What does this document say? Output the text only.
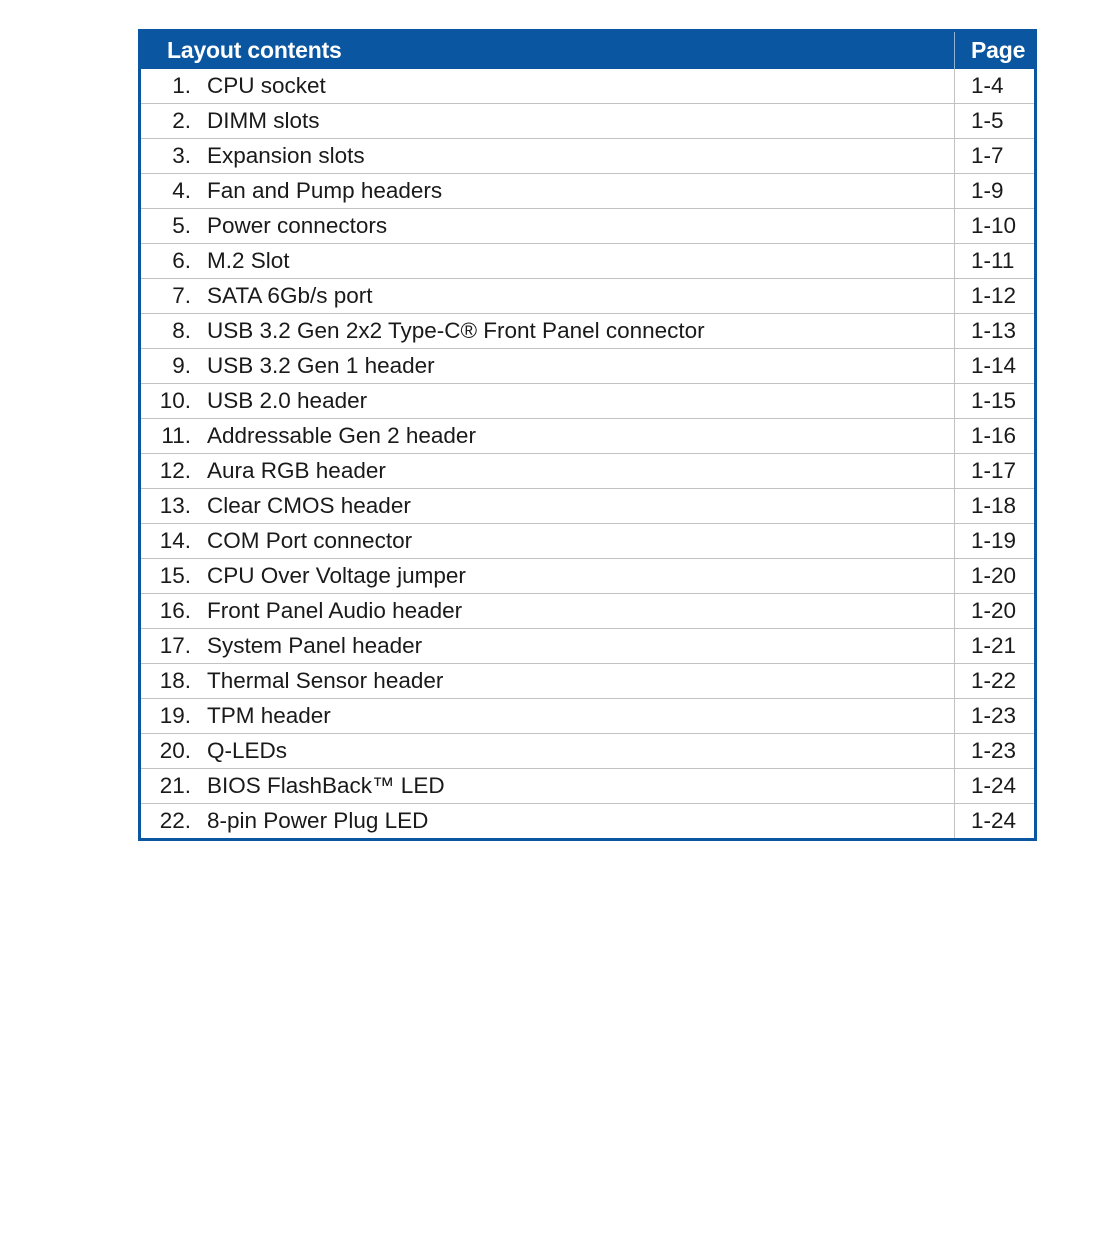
Layout contents	Page
1. CPU socket	1-4
2. DIMM slots	1-5
3. Expansion slots	1-7
4. Fan and Pump headers	1-9
5. Power connectors	1-10
6. M.2 Slot	1-11
7. SATA 6Gb/s port	1-12
8. USB 3.2 Gen 2x2 Type-C® Front Panel connector	1-13
9. USB 3.2 Gen 1 header	1-14
10. USB 2.0 header	1-15
11. Addressable Gen 2 header	1-16
12. Aura RGB header	1-17
13. Clear CMOS header	1-18
14. COM Port connector	1-19
15. CPU Over Voltage jumper	1-20
16. Front Panel Audio header	1-20
17. System Panel header	1-21
18. Thermal Sensor header	1-22
19. TPM header	1-23
20. Q-LEDs	1-23
21. BIOS FlashBack™ LED	1-24
22. 8-pin Power Plug LED	1-24
